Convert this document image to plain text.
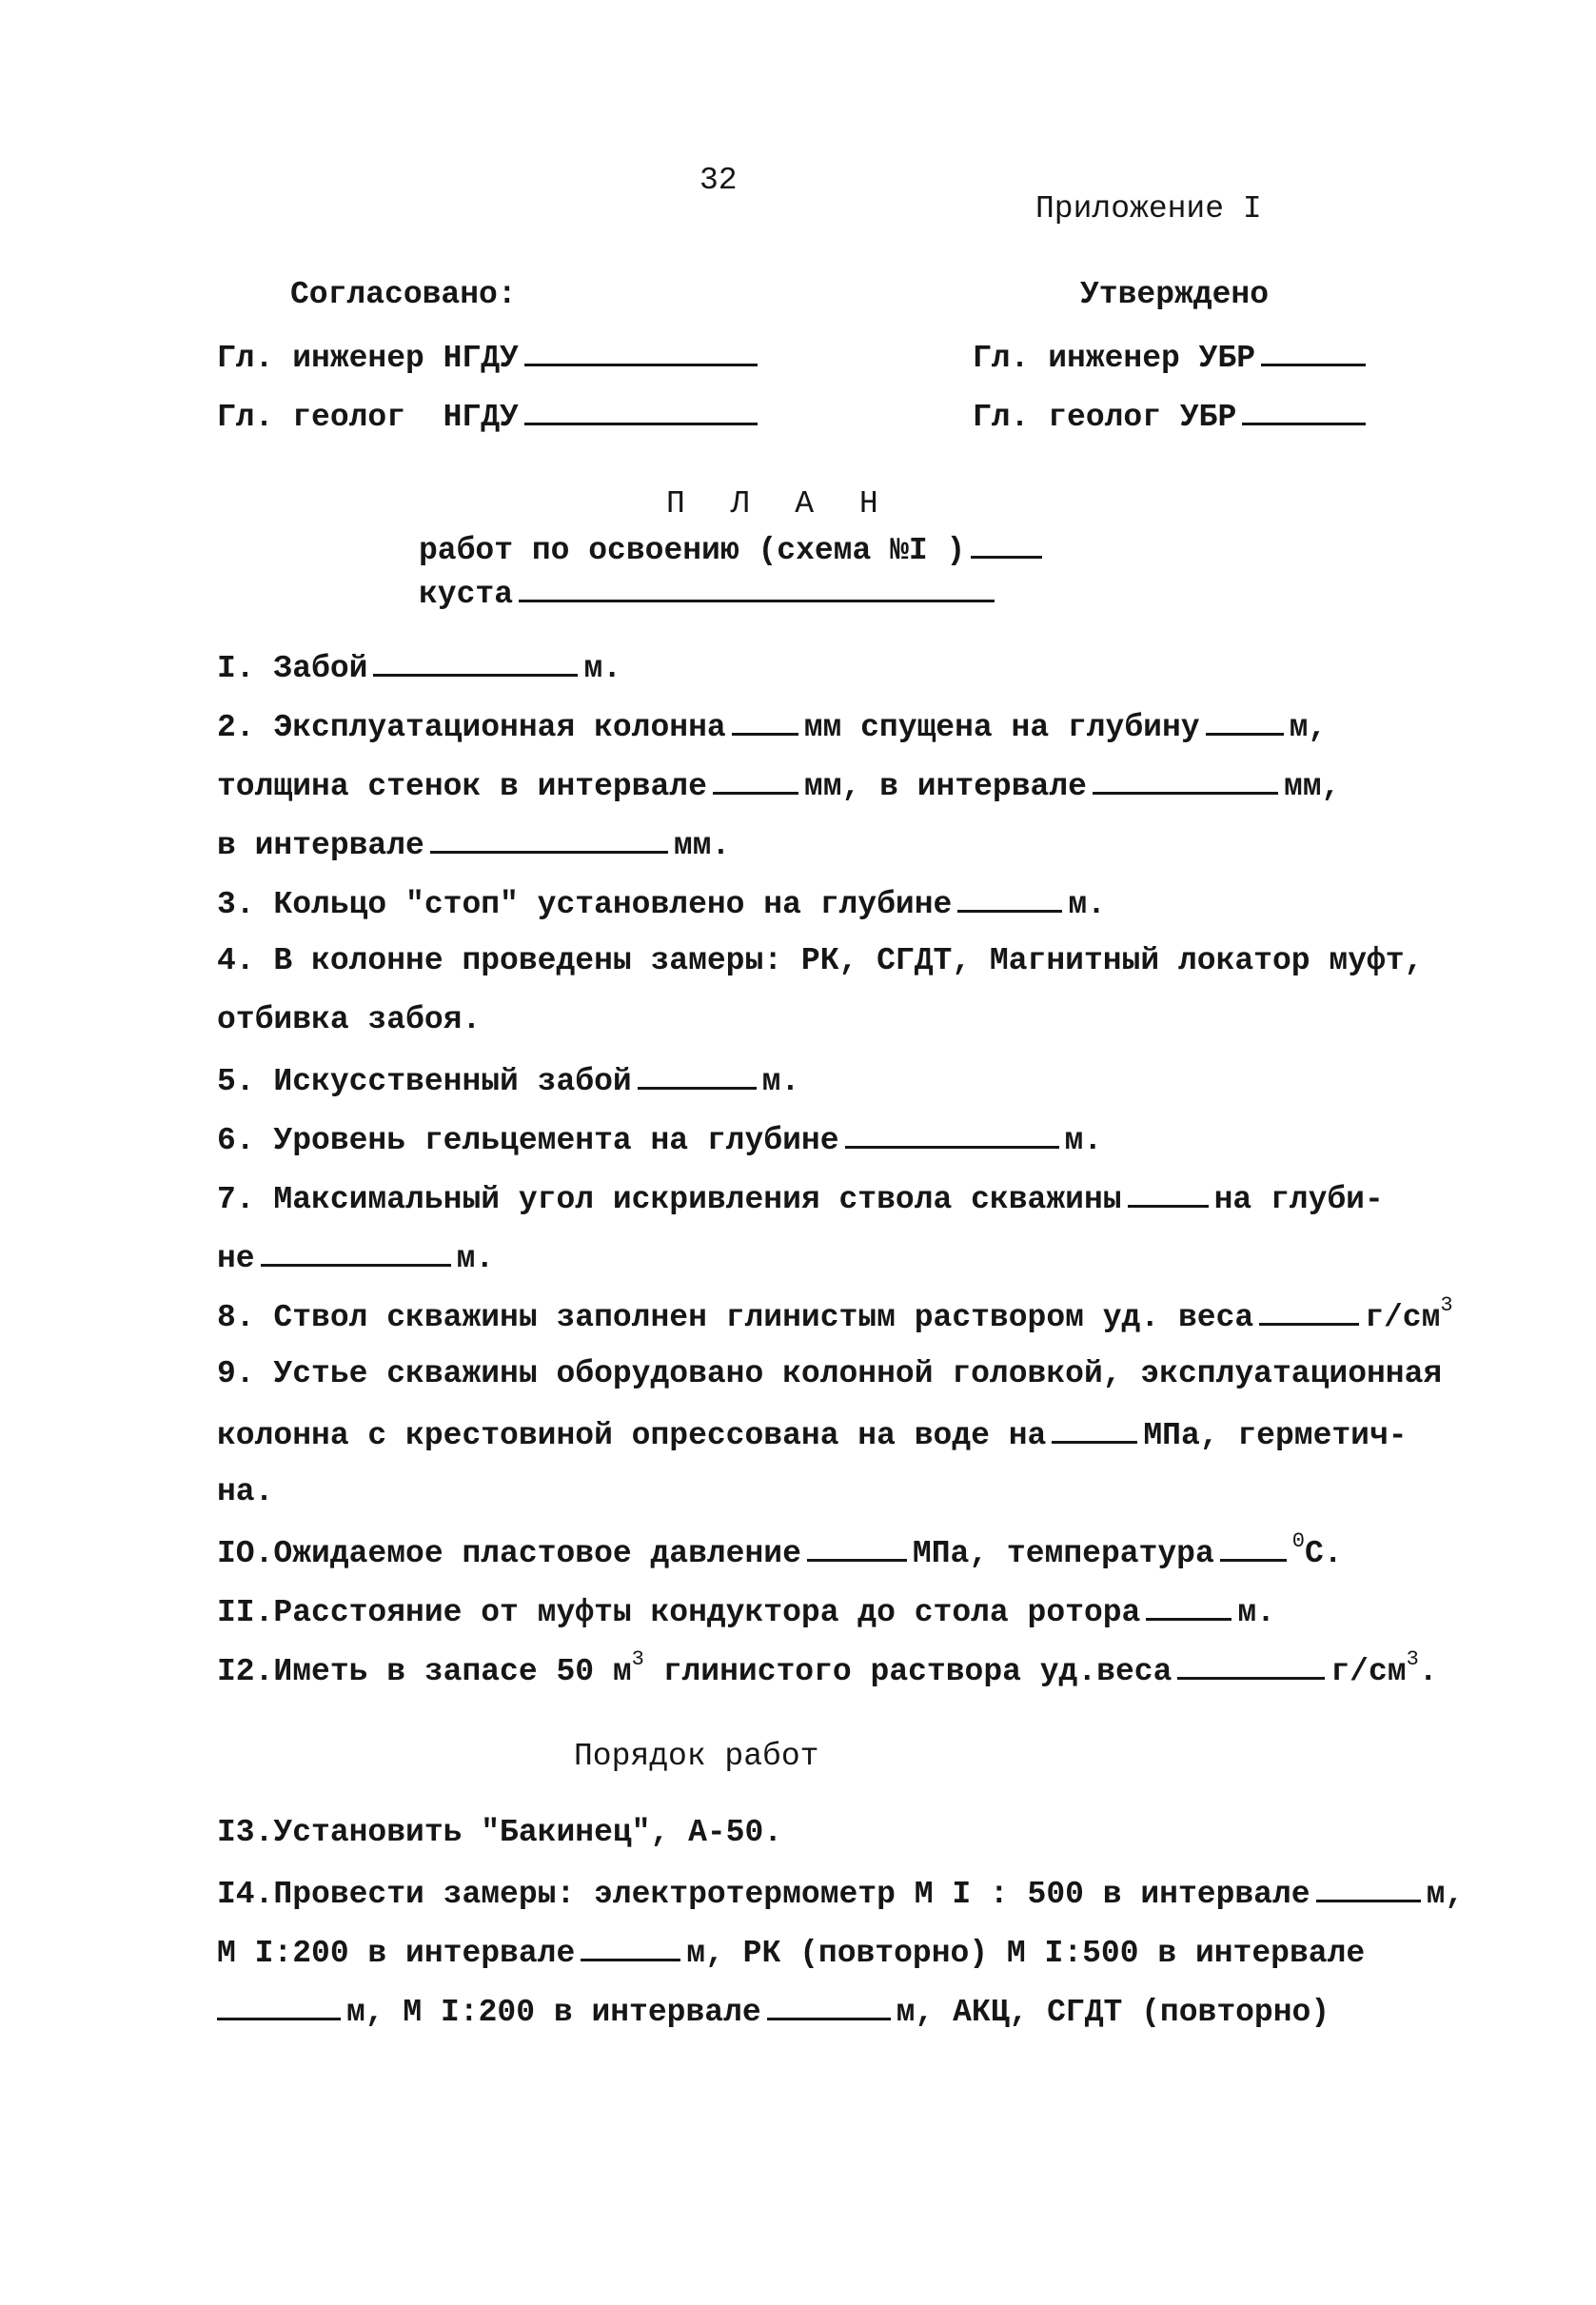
32
Приложение I
Согласовано:	Утверждено
Гл. инженер НГДУ	Гл. инженер УБР
Гл. геолог  НГДУ	Гл. геолог УБР
П Л А Н
работ по освоению (схема №I )
куста
I. Забой	м.
2. Эксплуатационная колонна мм спущена на глубину	м,
толщина стенок в интервале	мм, в интервале	мм,
в интервале	мм.
3. Кольцо "стоп" установлено на глубине	м.
4. В колонне проведены замеры: РК, СГДТ, Магнитный локатор муфт,
отбивка забоя.
5. Искусственный забой	м.
6. Уровень гельцемента на глубине	м.
7. Максимальный угол искривления ствола скважины	на глуби-
не	м.
8. Ствол скважины заполнен глинистым раствором уд. веса	$г/см^3$
9. Устье скважины оборудовано колонной головкой, эксплуатационная
колонна с крестовиной опрессована на воде на	МПа, герметич-
на.
IO.Ожидаемое пластовое давление	МПа, температура	$^0$С.
II.Расстояние от муфты кондуктора до стола ротора	м.
I2.Иметь в запасе 50 $м^3$ глинистого раствора уд.веса	$г/см^3$.
Порядок работ
I3.Установить "Бакинец", А-50.
I4.Провести замеры: электротермометр М I : 500 в интервале	м,
М I:200 в интервале	м, РК (повторно) М I:500 в интервале
м, М I:200 в интервале	м, АКЦ, СГДТ (повторно)
